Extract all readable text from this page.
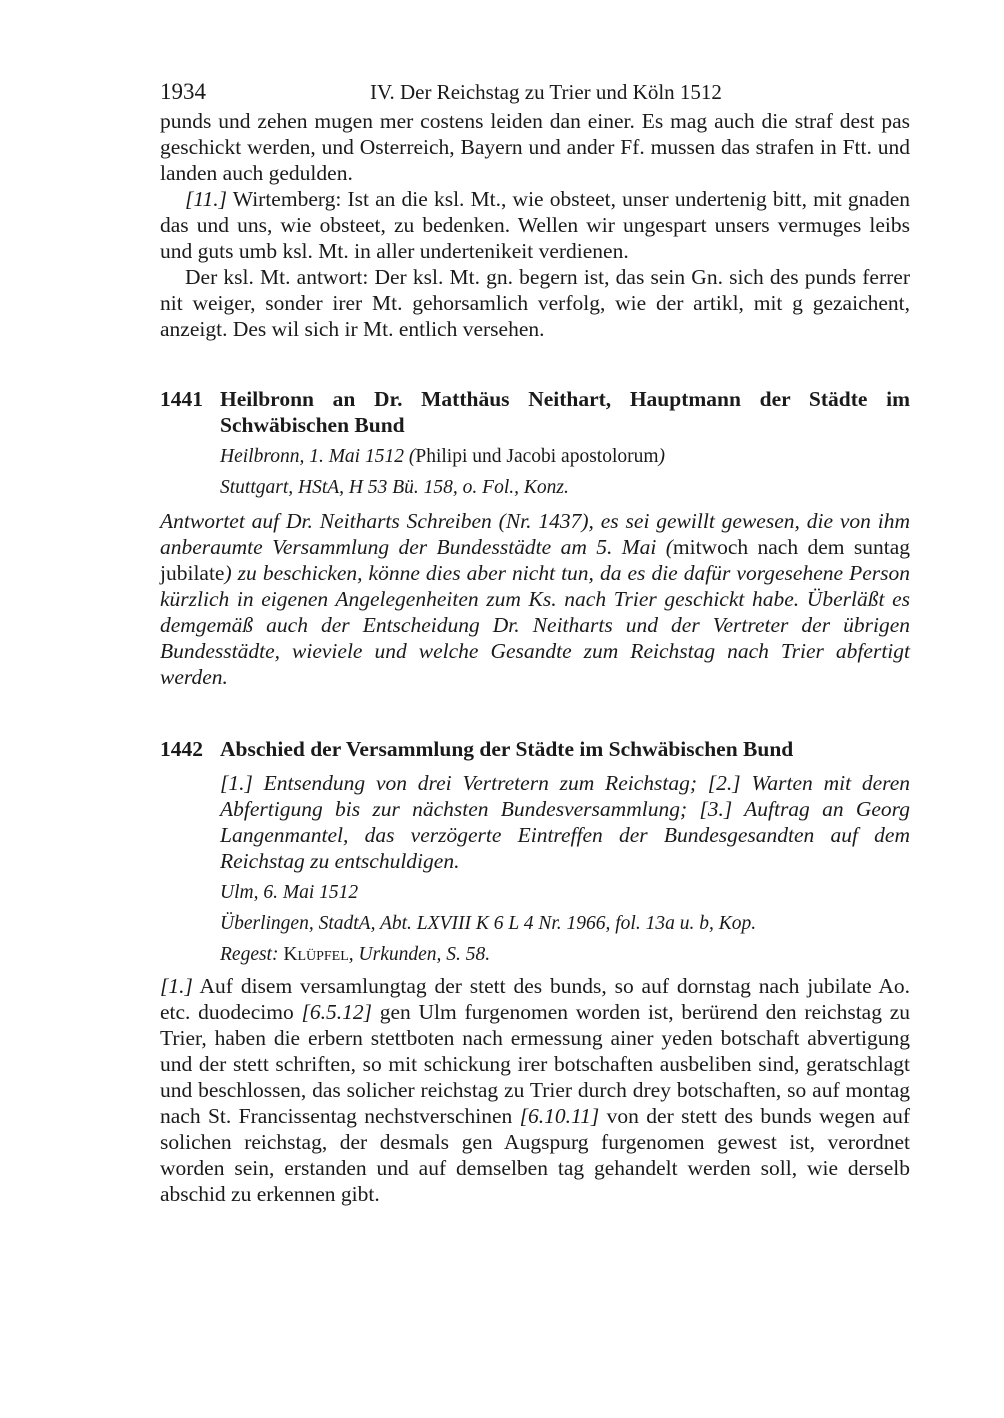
1934	IV. Der Reichstag zu Trier und Köln 1512

punds und zehen mugen mer costens leiden dan einer. Es mag auch die straf dest pas geschickt werden, und Osterreich, Bayern und ander Ff. mussen das strafen in Ftt. und landen auch gedulden.

[11.] Wirtemberg: Ist an die ksl. Mt., wie obsteet, unser undertenig bitt, mit gnaden das und uns, wie obsteet, zu bedenken. Wellen wir ungespart unsers vermuges leibs und guts umb ksl. Mt. in aller undertenikeit verdienen.

Der ksl. Mt. antwort: Der ksl. Mt. gn. begern ist, das sein Gn. sich des punds ferrer nit weiger, sonder irer Mt. gehorsamlich verfolg, wie der artikl, mit g gezaichent, anzeigt. Des wil sich ir Mt. entlich versehen.

1441 Heilbronn an Dr. Matthäus Neithart, Hauptmann der Städte im Schwäbischen Bund
Heilbronn, 1. Mai 1512 (Philipi und Jacobi apostolorum)
Stuttgart, HStA, H 53 Bü. 158, o. Fol., Konz.

Antwortet auf Dr. Neitharts Schreiben (Nr. 1437), es sei gewillt gewesen, die von ihm anberaumte Versammlung der Bundesstädte am 5. Mai (mitwoch nach dem suntag jubilate) zu beschicken, könne dies aber nicht tun, da es die dafür vorgesehene Person kürzlich in eigenen Angelegenheiten zum Ks. nach Trier geschickt habe. Überläßt es demgemäß auch der Entscheidung Dr. Neitharts und der Vertreter der übrigen Bundesstädte, wieviele und welche Gesandte zum Reichstag nach Trier abfertigt werden.

1442 Abschied der Versammlung der Städte im Schwäbischen Bund
[1.] Entsendung von drei Vertretern zum Reichstag; [2.] Warten mit deren Abfertigung bis zur nächsten Bundesversammlung; [3.] Auftrag an Georg Langenmantel, das verzögerte Eintreffen der Bundesgesandten auf dem Reichstag zu entschuldigen.
Ulm, 6. Mai 1512
Überlingen, StadtA, Abt. LXVIII K 6 L 4 Nr. 1966, fol. 13a u. b, Kop.
Regest: Klüpfel, Urkunden, S. 58.

[1.] Auf disem versamlungtag der stett des bunds, so auf dornstag nach jubilate Ao. etc. duodecimo [6.5.12] gen Ulm furgenomen worden ist, berürend den reichstag zu Trier, haben die erbern stettboten nach ermessung ainer yeden botschaft abvertigung und der stett schriften, so mit schickung irer botschaften ausbeliben sind, geratschlagt und beschlossen, das solicher reichstag zu Trier durch drey botschaften, so auf montag nach St. Francissentag nechstverschinen [6.10.11] von der stett des bunds wegen auf solichen reichstag, der desmals gen Augspurg furgenomen gewest ist, verordnet worden sein, erstanden und auf demselben tag gehandelt werden soll, wie derselb abschid zu erkennen gibt.
